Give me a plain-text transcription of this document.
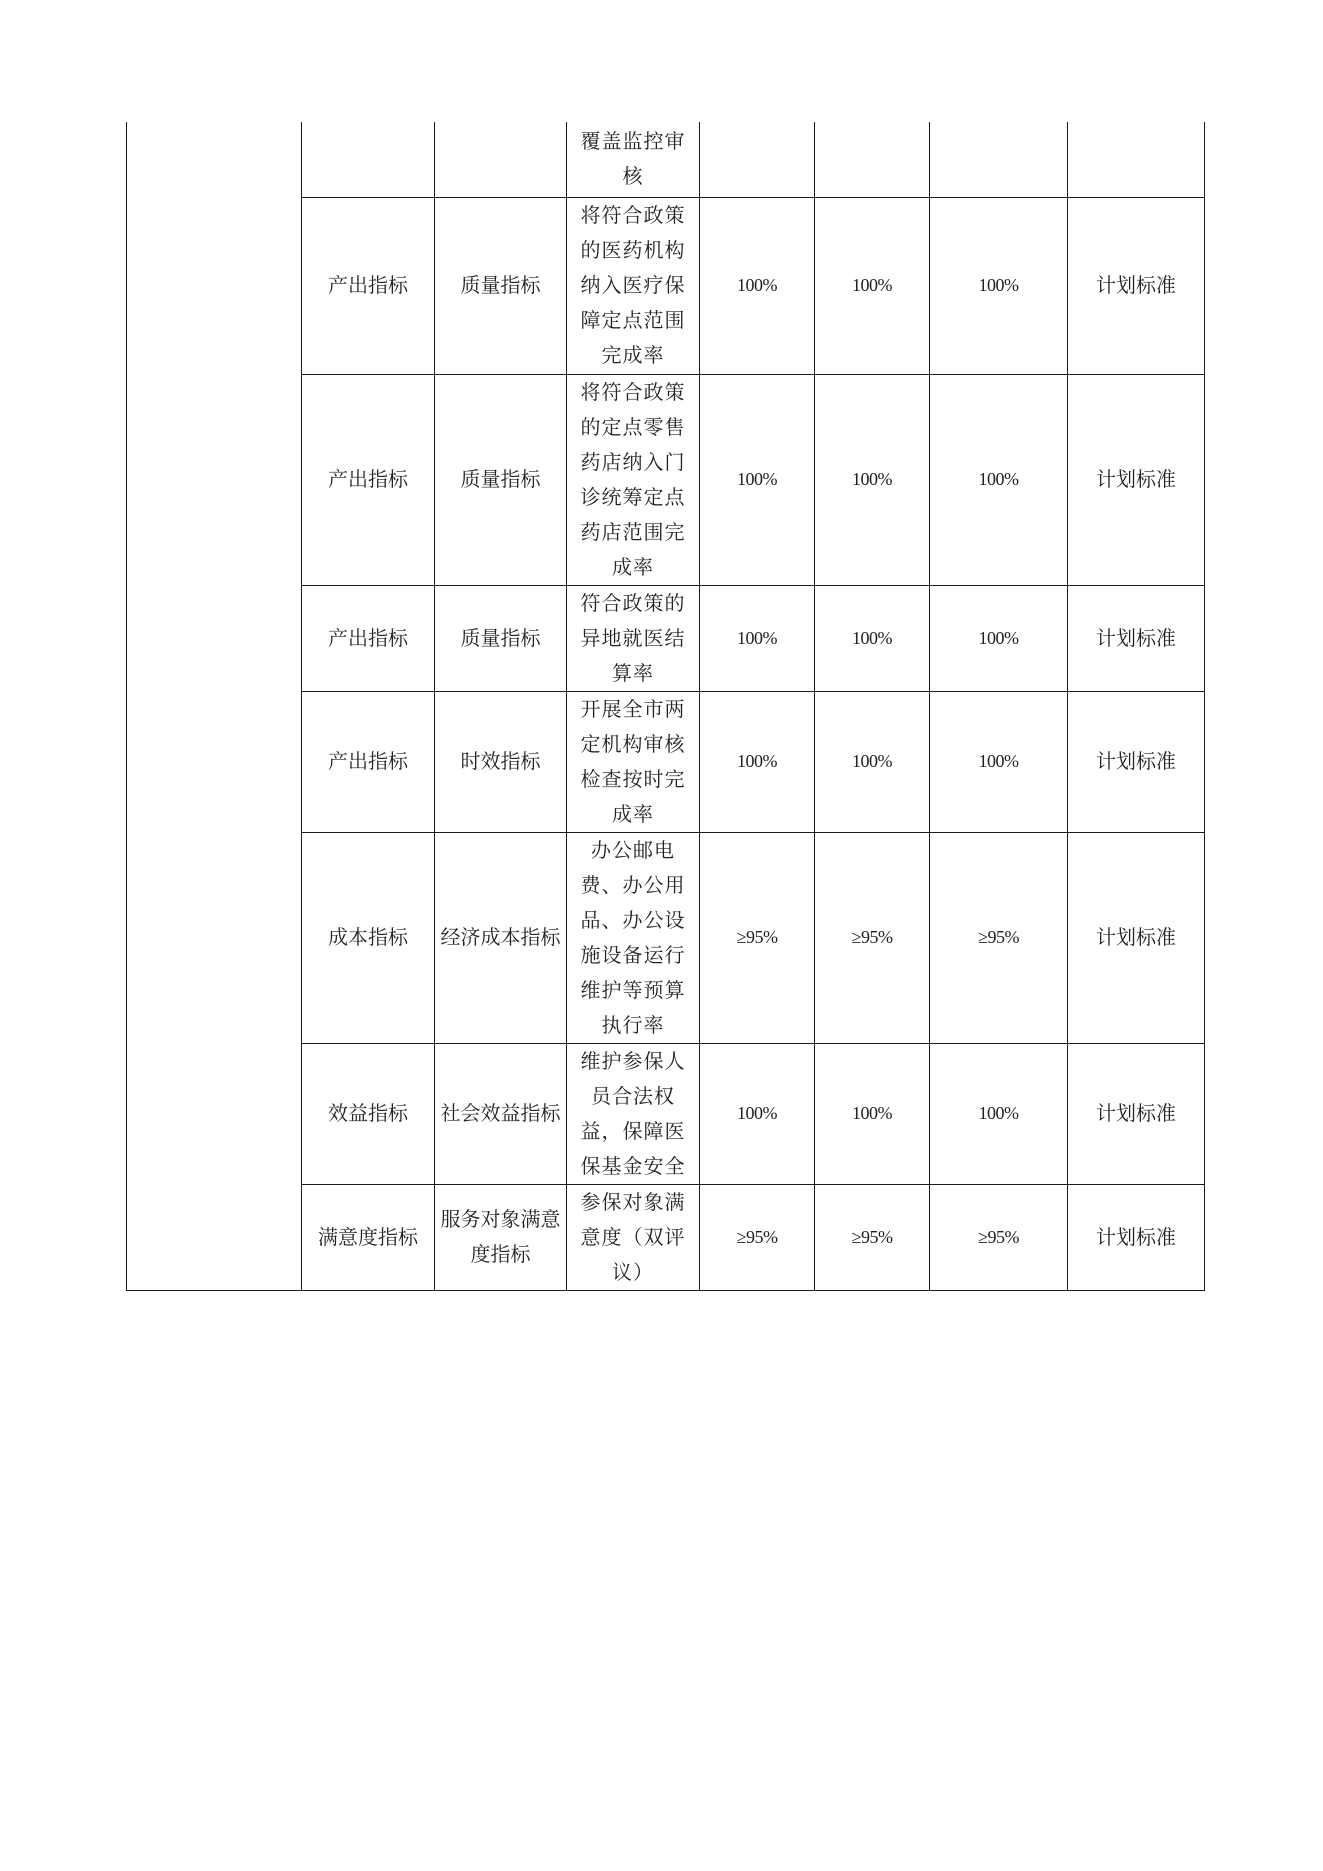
			覆盖监控审核				
	产出指标	质量指标	将符合政策的医药机构纳入医疗保障定点范围完成率	100%	100%	100%	计划标准
	产出指标	质量指标	将符合政策的定点零售药店纳入门诊统筹定点药店范围完成率	100%	100%	100%	计划标准
	产出指标	质量指标	符合政策的异地就医结算率	100%	100%	100%	计划标准
	产出指标	时效指标	开展全市两定机构审核检查按时完成率	100%	100%	100%	计划标准
	成本指标	经济成本指标	办公邮电费、办公用品、办公设施设备运行维护等预算执行率	≥95%	≥95%	≥95%	计划标准
	效益指标	社会效益指标	维护参保人员合法权益，保障医保基金安全	100%	100%	100%	计划标准
	满意度指标	服务对象满意度指标	参保对象满意度（双评议）	≥95%	≥95%	≥95%	计划标准
